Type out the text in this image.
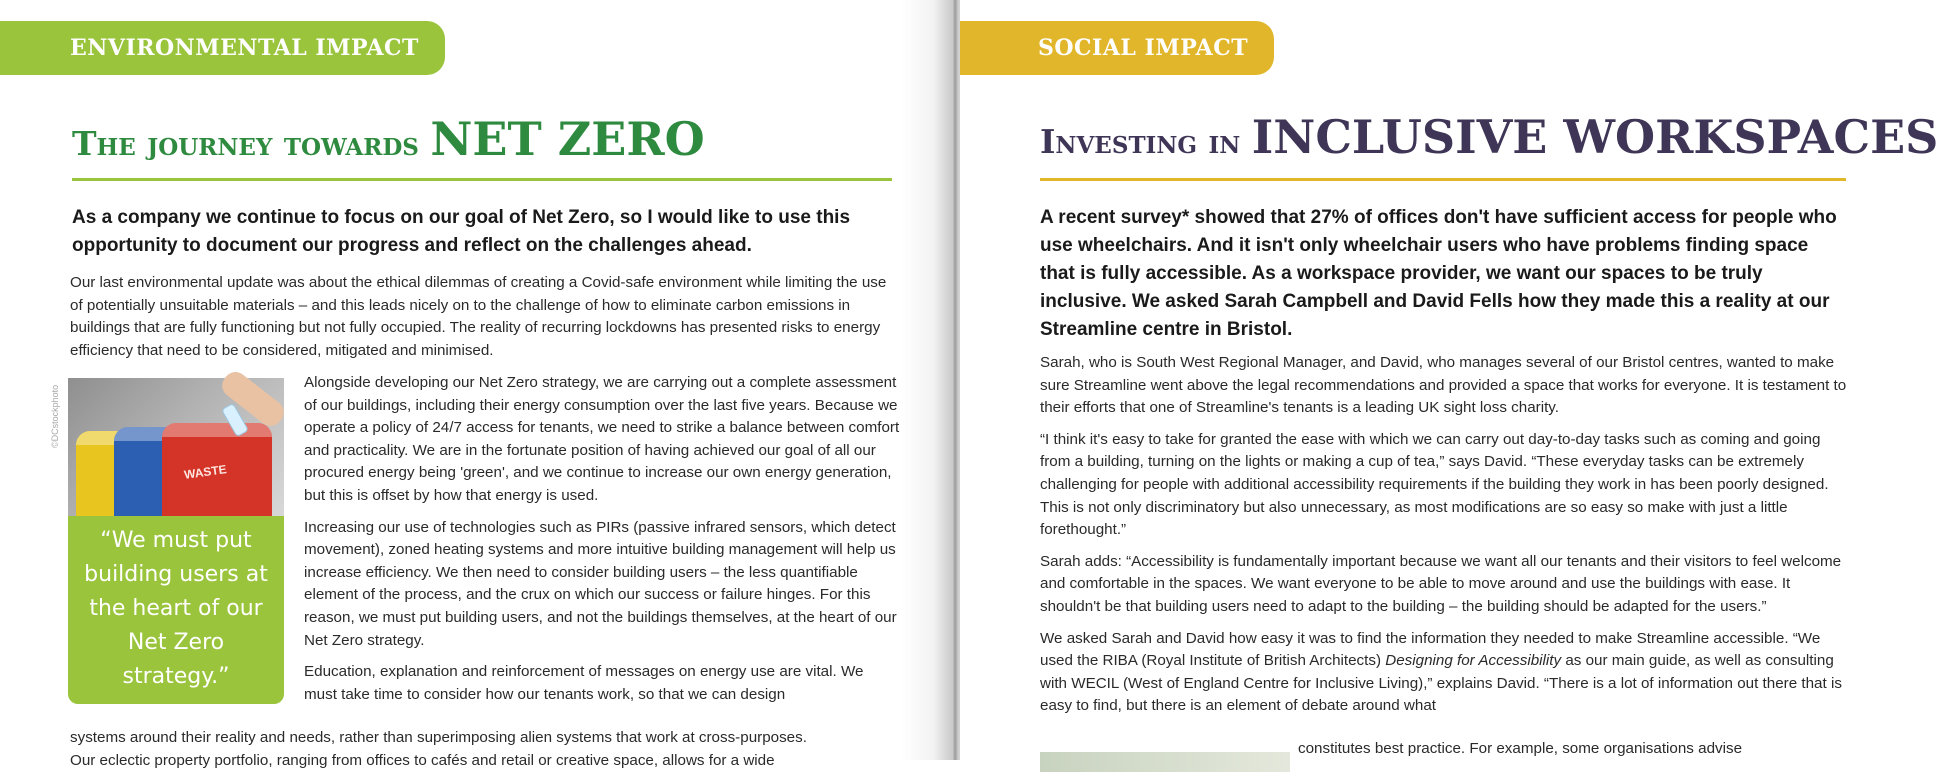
ENVIRONMENTAL IMPACT
The journey towards NET ZERO
As a company we continue to focus on our goal of Net Zero, so I would like to use this opportunity to document our progress and reflect on the challenges ahead.
Our last environmental update was about the ethical dilemmas of creating a Covid-safe environment while limiting the use of potentially unsuitable materials – and this leads nicely on to the challenge of how to eliminate carbon emissions in buildings that are fully functioning but not fully occupied. The reality of recurring lockdowns has presented risks to energy efficiency that need to be considered, mitigated and minimised.
WASTE
©DCstockphoto
“We must put building users at the heart of our Net Zero strategy.”

Alongside developing our Net Zero strategy, we are carrying out a complete assessment of our buildings, including their energy consumption over the last five years. Because we operate a policy of 24/7 access for tenants, we need to strike a balance between comfort and practicality. We are in the fortunate position of having achieved our goal of all our procured energy being 'green', and we continue to increase our own energy generation, but this is offset by how that energy is used.

Increasing our use of technologies such as PIRs (passive infrared sensors, which detect movement), zoned heating systems and more intuitive building management will help us increase efficiency. We then need to consider building users – the less quantifiable element of the process, and the crux on which our success or failure hinges. For this reason, we must put building users, and not the buildings themselves, at the heart of our Net Zero strategy.

Education, explanation and reinforcement of messages on energy use are vital. We must take time to consider how our tenants work, so that we can design

systems around their reality and needs, rather than superimposing alien systems that work at cross-purposes.
Our eclectic property portfolio, ranging from offices to cafés and retail or creative space, allows for a wide
SOCIAL IMPACT
Investing in INCLUSIVE WORKSPACES
A recent survey* showed that 27% of offices don't have sufficient access for people who use wheelchairs. And it isn't only wheelchair users who have problems finding space that is fully accessible. As a workspace provider, we want our spaces to be truly inclusive. We asked Sarah Campbell and David Fells how they made this a reality at our Streamline centre in Bristol.

Sarah, who is South West Regional Manager, and David, who manages several of our Bristol centres, wanted to make sure Streamline went above the legal recommendations and provided a space that works for everyone. It is testament to their efforts that one of Streamline's tenants is a leading UK sight loss charity.

“I think it's easy to take for granted the ease with which we can carry out day-to-day tasks such as coming and going from a building, turning on the lights or making a cup of tea,” says David. “These everyday tasks can be extremely challenging for people with additional accessibility requirements if the building they work in has been poorly designed. This is not only discriminatory but also unnecessary, as most modifications are so easy so make with just a little forethought.”

Sarah adds: “Accessibility is fundamentally important because we want all our tenants and their visitors to feel welcome and comfortable in the spaces. We want everyone to be able to move around and use the buildings with ease. It shouldn't be that building users need to adapt to the building – the building should be adapted for the users.”

We asked Sarah and David how easy it was to find the information they needed to make Streamline accessible. “We used the RIBA (Royal Institute of British Architects) Designing for Accessibility as our main guide, as well as consulting with WECIL (West of England Centre for Inclusive Living),” explains David. “There is a lot of information out there that is easy to find, but there is an element of debate around what

constitutes best practice. For example, some organisations advise
